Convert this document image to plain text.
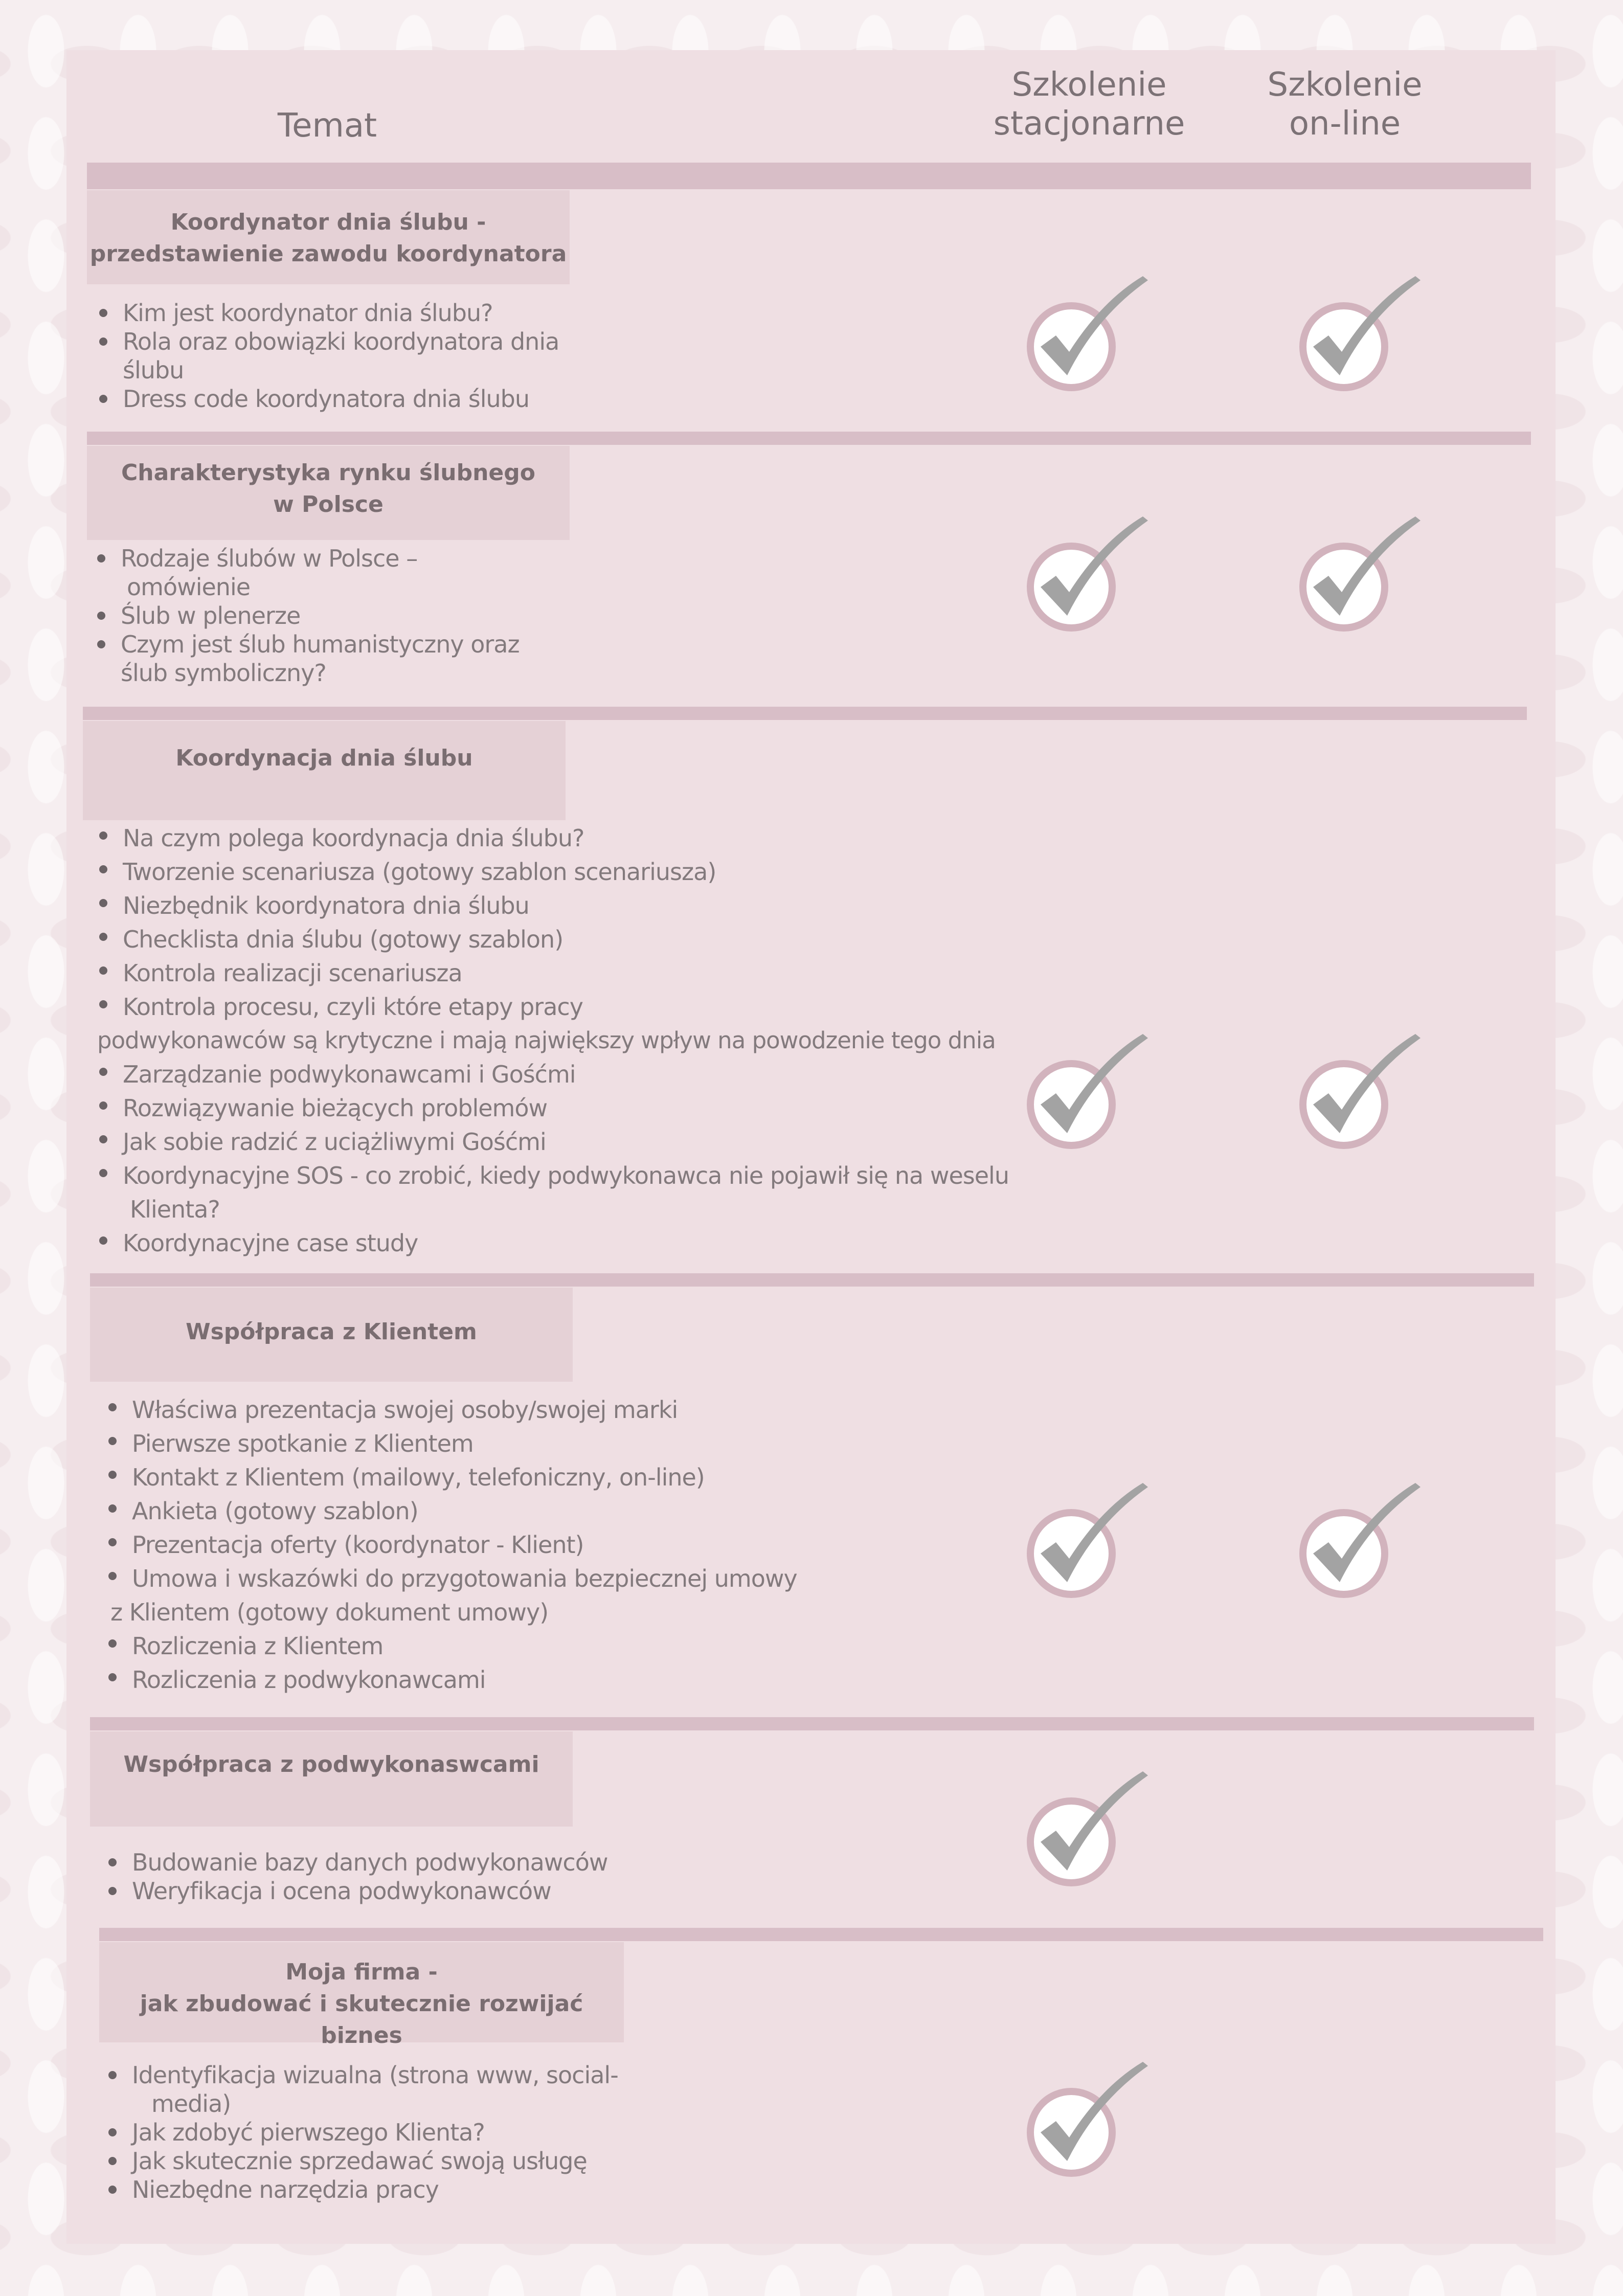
Temat
Szkolenie
stacjonarne
Szkolenie
on-line
Koordynator dnia ślubu -
przedstawienie zawodu koordynatora
Kim jest koordynator dnia ślubu?
Rola oraz obowiązki koordynatora dnia
ślubu
Dress code koordynatora dnia ślubu
Charakterystyka rynku ślubnego
w Polsce
Rodzaje ślubów w Polsce –
omówienie
Ślub w plenerze
Czym jest ślub humanistyczny oraz
ślub symboliczny?
Koordynacja dnia ślubu
Na czym polega koordynacja dnia ślubu?
Tworzenie scenariusza (gotowy szablon scenariusza)
Niezbędnik koordynatora dnia ślubu
Checklista dnia ślubu (gotowy szablon)
Kontrola realizacji scenariusza
Kontrola procesu, czyli które etapy pracy
podwykonawców są krytyczne i mają największy wpływ na powodzenie tego dnia
Zarządzanie podwykonawcami i Gośćmi
Rozwiązywanie bieżących problemów
Jak sobie radzić z uciążliwymi Gośćmi
Koordynacyjne SOS - co zrobić, kiedy podwykonawca nie pojawił się na weselu
Klienta?
Koordynacyjne case study
Współpraca z Klientem
Właściwa prezentacja swojej osoby/swojej marki
Pierwsze spotkanie z Klientem
Kontakt z Klientem (mailowy, telefoniczny, on-line)
Ankieta (gotowy szablon)
Prezentacja oferty (koordynator - Klient)
Umowa i wskazówki do przygotowania bezpiecznej umowy
z Klientem (gotowy dokument umowy)
Rozliczenia z Klientem
Rozliczenia z podwykonawcami
Współpraca z podwykonaswcami
Budowanie bazy danych podwykonawców
Weryfikacja i ocena podwykonawców
Moja firma -
jak zbudować i skutecznie rozwijać biznes
Identyfikacja wizualna (strona www, social-
media)
Jak zdobyć pierwszego Klienta?
Jak skutecznie sprzedawać swoją usługę
Niezbędne narzędzia pracy
